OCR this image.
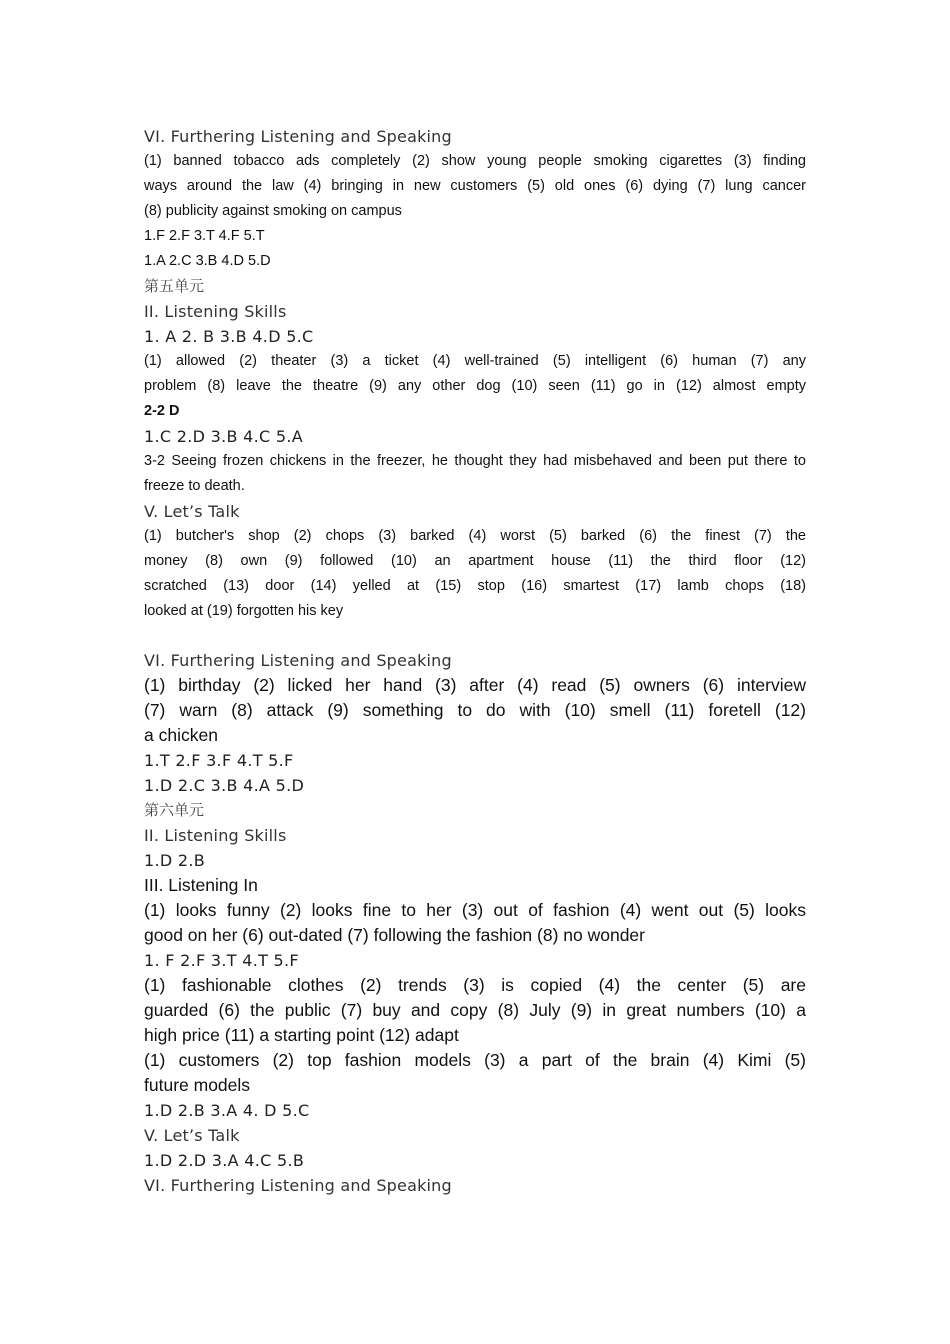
VI. Furthering Listening and Speaking
(1) banned tobacco ads completely (2) show young people smoking cigarettes (3) finding
ways around the law (4) bringing in new customers (5) old ones (6) dying (7) lung cancer
(8) publicity against smoking on campus
1.F 2.F 3.T 4.F 5.T
1.A 2.C 3.B 4.D 5.D
第五单元
II. Listening Skills
1. A 2. B 3.B 4.D 5.C
(1) allowed (2) theater (3) a ticket (4) well-trained (5) intelligent (6) human (7) any
problem (8) leave the theatre (9) any other dog (10) seen (11) go in (12) almost empty
2-2 D
1.C 2.D 3.B 4.C 5.A
3-2 Seeing frozen chickens in the freezer, he thought they had misbehaved and been put there to
freeze to death.
V. Let’s Talk
(1) butcher's shop (2) chops (3) barked (4) worst (5) barked (6) the finest (7) the
money (8) own (9) followed (10) an apartment house (11) the third floor (12)
scratched (13) door (14) yelled at (15) stop (16) smartest (17) lamb chops (18)
looked at (19) forgotten his key
VI. Furthering Listening and Speaking
(1) birthday (2) licked her hand (3) after (4) read (5) owners (6) interview
(7) warn (8) attack (9) something to do with (10) smell (11) foretell (12)
a chicken
1.T 2.F 3.F 4.T 5.F
1.D 2.C 3.B 4.A 5.D
第六单元
II. Listening Skills
1.D 2.B
III. Listening In
(1) looks funny (2) looks fine to her (3) out of fashion (4) went out (5) looks
good on her (6) out-dated (7) following the fashion (8) no wonder
1. F 2.F 3.T 4.T 5.F
(1) fashionable clothes (2) trends (3) is copied (4) the center (5) are
guarded (6) the public (7) buy and copy (8) July (9) in great numbers (10) a
high price (11) a starting point (12) adapt
(1) customers (2) top fashion models (3) a part of the brain (4) Kimi (5)
future models
1.D 2.B 3.A 4. D 5.C
V. Let’s Talk
1.D 2.D 3.A 4.C 5.B
VI. Furthering Listening and Speaking
